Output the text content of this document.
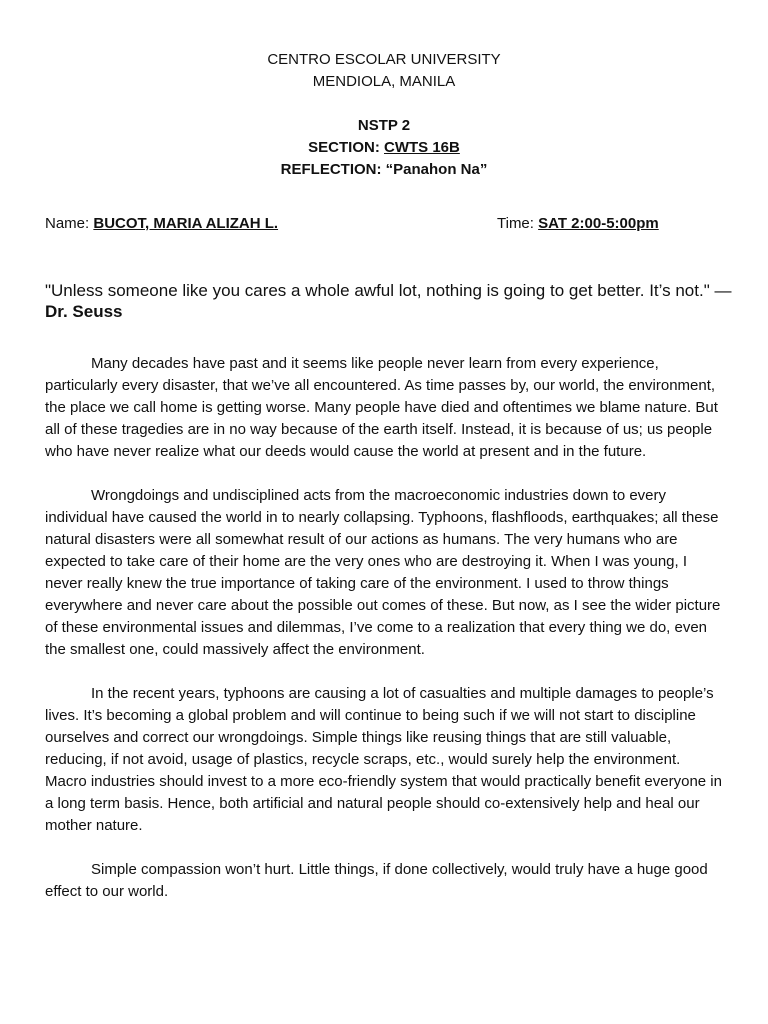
CENTRO ESCOLAR UNIVERSITY
MENDIOLA, MANILA
NSTP 2
SECTION: CWTS 16B
REFLECTION: “Panahon Na”
Name: BUCOT, MARIA ALIZAH L.	Time: SAT 2:00-5:00pm
"Unless someone like you cares a whole awful lot, nothing is going to get better. It’s not." ― Dr. Seuss

Many decades have past and it seems like people never learn from every experience, particularly every disaster, that we’ve all encountered. As time passes by, our world, the environment, the place we call home is getting worse. Many people have died and oftentimes we blame nature. But all of these tragedies are in no way because of the earth itself. Instead, it is because of us; us people who have never realize what our deeds would cause the world at present and in the future.

Wrongdoings and undisciplined acts from the macroeconomic industries down to every individual have caused the world in to nearly collapsing. Typhoons, flashfloods, earthquakes; all these natural disasters were all somewhat result of our actions as humans. The very humans who are expected to take care of their home are the very ones who are destroying it. When I was young, I never really knew the true importance of taking care of the environment. I used to throw things everywhere and never care about the possible out comes of these. But now, as I see the wider picture of these environmental issues and dilemmas, I’ve come to a realization that every thing we do, even the smallest one, could massively affect the environment.

In the recent years, typhoons are causing a lot of casualties and multiple damages to people’s lives. It’s becoming a global problem and will continue to being such if we will not start to discipline ourselves and correct our wrongdoings. Simple things like reusing things that are still valuable, reducing, if not avoid, usage of plastics, recycle scraps, etc., would surely help the environment. Macro industries should invest to a more eco-friendly system that would practically benefit everyone in a long term basis. Hence, both artificial and natural people should co-extensively help and heal our mother nature.

Simple compassion won’t hurt. Little things, if done collectively, would truly have a huge good effect to our world.
